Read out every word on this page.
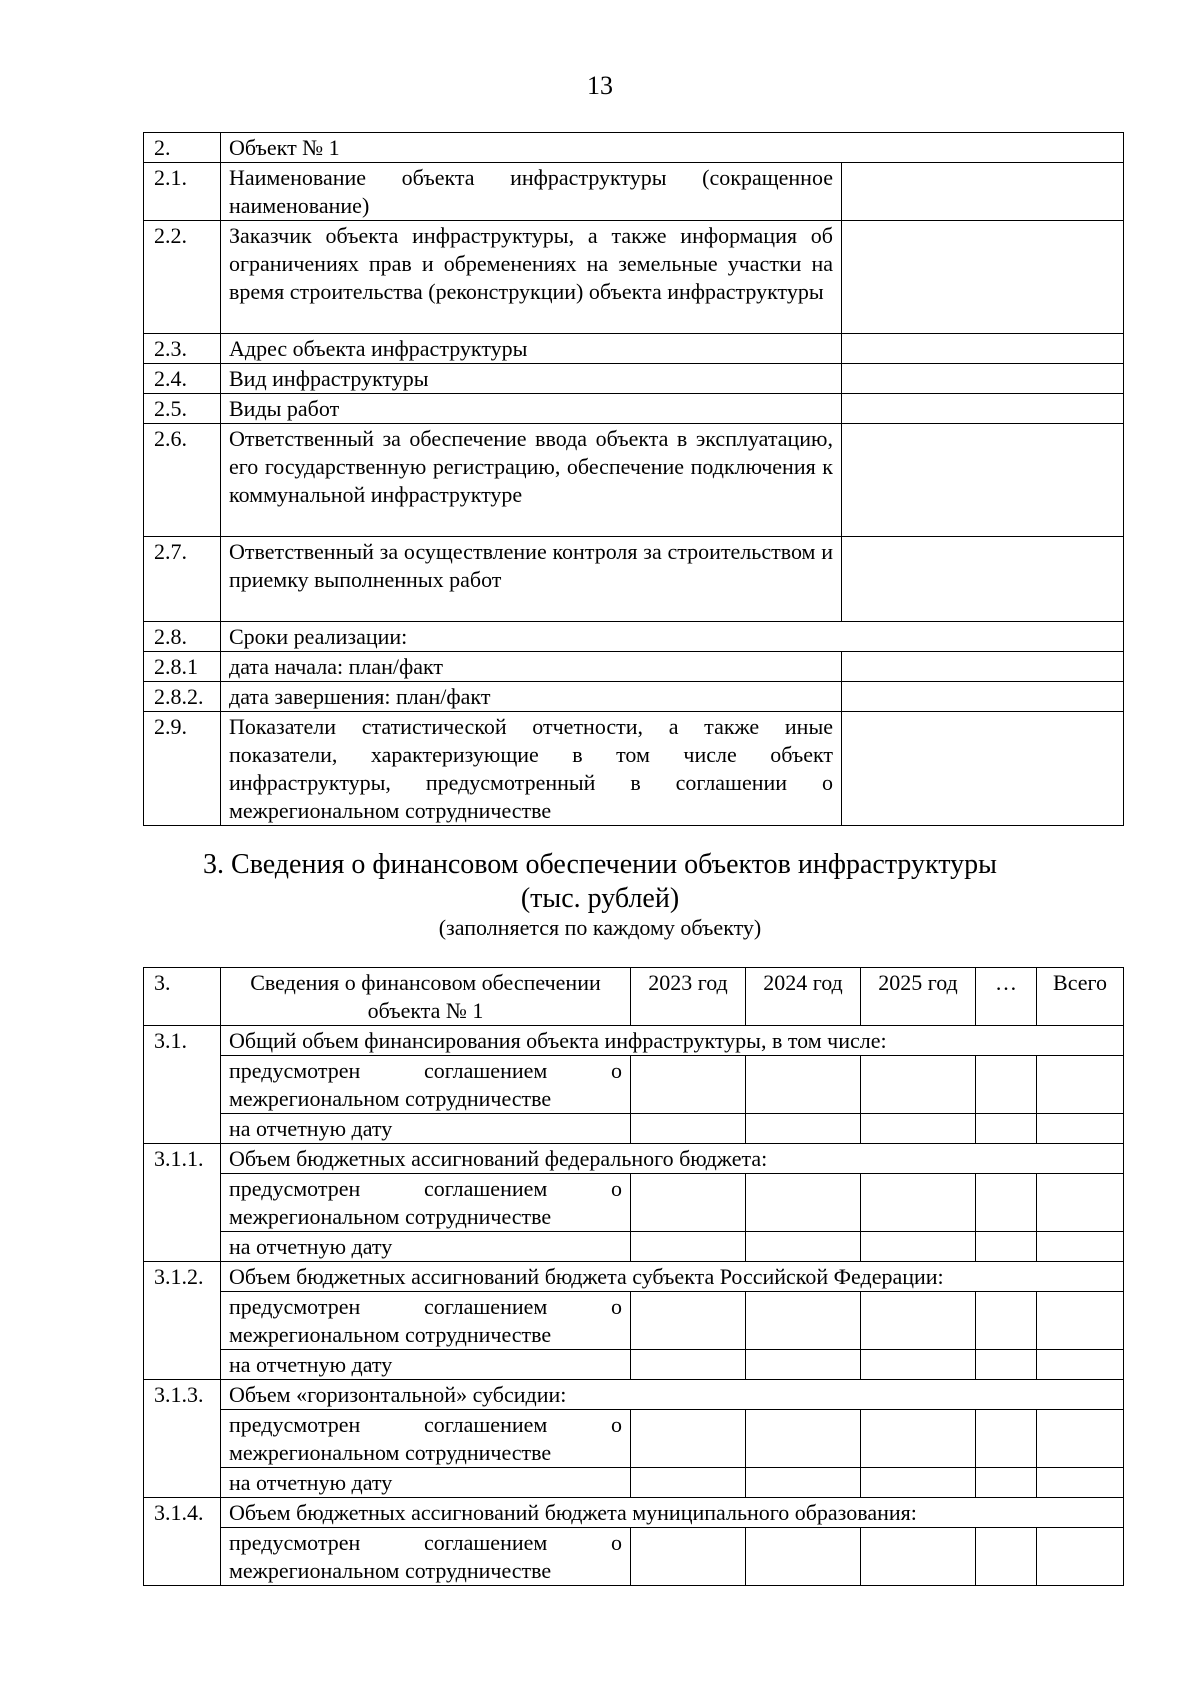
13
2.	Объект № 1	
2.1.	Наименование объекта инфраструктуры (сокращенное наименование)	
2.2.	Заказчик объекта инфраструктуры, а также информация об ограничениях прав и обременениях на земельные участки на время строительства (реконструкции) объекта инфраструктуры	
2.3.	Адрес объекта инфраструктуры	
2.4.	Вид инфраструктуры	
2.5.	Виды работ	
2.6.	Ответственный за обеспечение ввода объекта в эксплуатацию, его государственную регистрацию, обеспечение подключения к коммунальной инфраструктуре	
2.7.	Ответственный за осуществление контроля за строительством и приемку выполненных работ	
2.8.	Сроки реализации:	
2.8.1	дата начала: план/факт	
2.8.2.	дата завершения: план/факт	
2.9.	Показатели статистической отчетности, а также иные показатели, характеризующие в том числе объект инфраструктуры, предусмотренный в соглашении о межрегиональном сотрудничестве	
3. Сведения о финансовом обеспечении объектов инфраструктуры
(тыс. рублей)
(заполняется по каждому объекту)
3.	Сведения о финансовом обеспечении объекта № 1	2023 год	2024 год	2025 год	…	Всего
3.1.	Общий объем финансирования объекта инфраструктуры, в том числе:					
	предусмотрен соглашением о межрегиональном сотрудничестве					
	на отчетную дату					
3.1.1.	Объем бюджетных ассигнований федерального бюджета:					
	предусмотрен соглашением о межрегиональном сотрудничестве					
	на отчетную дату					
3.1.2.	Объем бюджетных ассигнований бюджета субъекта Российской Федерации:					
	предусмотрен соглашением о межрегиональном сотрудничестве					
	на отчетную дату					
3.1.3.	Объем «горизонтальной» субсидии:					
	предусмотрен соглашением о межрегиональном сотрудничестве					
	на отчетную дату					
3.1.4.	Объем бюджетных ассигнований бюджета муниципального образования:					
	предусмотрен соглашением о межрегиональном сотрудничестве					
